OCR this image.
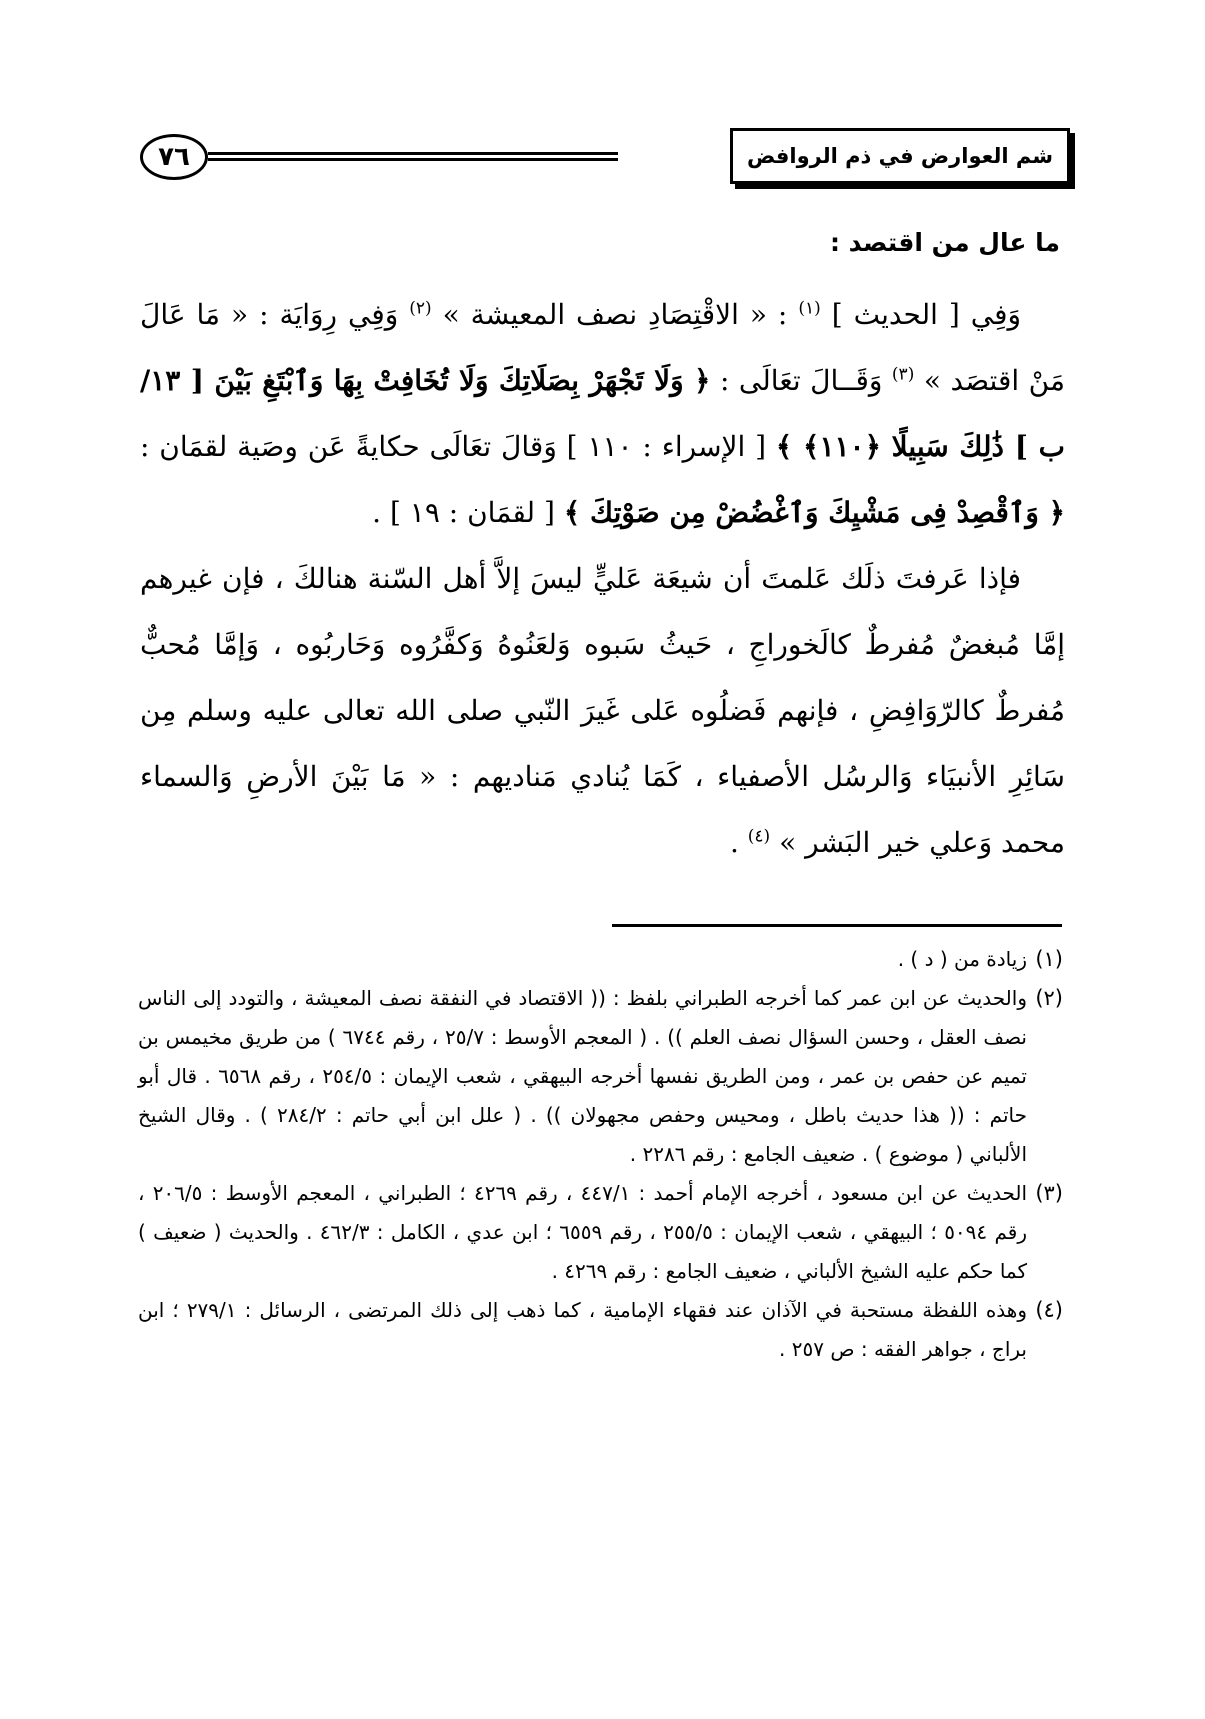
٧٦	شم العوارض في ذم الروافض
ما عال من اقتصد :

وَفِي [ الحديث ] $^{(١)}$ : « الاقْتِصَادِ نصف المعيشة » $^{(٢)}$ وَفِي رِوَايَة : « مَا عَالَ مَنْ اقتصَد » $^{(٣)}$ وَقَــالَ تعَالَى : ﴿ وَلَا تَجْهَرْ بِصَلَاتِكَ وَلَا تُخَافِتْ بِهَا وَٱبْتَغِ بَيْنَ [ ١٣/ب ] ذَٰلِكَ سَبِيلًا ﴿١١٠﴾ ﴾ [ الإسراء : ١١٠ ] وَقالَ تعَالَى حكايةً عَن وصَية لقمَان : ﴿ وَٱقْصِدْ فِى مَشْيِكَ وَٱغْضُضْ مِن صَوْتِكَ ﴾ [ لقمَان : ١٩ ] .

فإذا عَرفتَ ذلَك عَلمتَ أن شيعَة عَليٍّ ليسَ إلاَّ أهل السّنة هنالكَ ، فإن غيرهم إمَّا مُبغضٌ مُفرطٌ كالَخوراجِ ، حَيثُ سَبوه وَلعَنُوهُ وَكفَّرُوه وَحَاربُوه ، وَإمَّا مُحبٌّ مُفرطٌ كالرّوَافِضِ ، فإنهم فَضلُوه عَلى غَيرَ النّبي صلى الله تعالى عليه وسلم مِن سَائِرِ الأنبيَاء وَالرسُل الأصفياء ، كَمَا يُنادي مَناديهم : « مَا بَيْنَ الأرضِ وَالسماء محمد وَعلي خير البَشر » $^{(٤)}$ .

(١)زيادة من ( د ) .

(٢)والحديث عن ابن عمر كما أخرجه الطبراني بلفظ : (( الاقتصاد في النفقة نصف المعيشة ، والتودد إلى الناس نصف العقل ، وحسن السؤال نصف العلم )) . ( المعجم الأوسط : ٢٥/٧ ، رقم ٦٧٤٤ ) من طريق مخيمس بن تميم عن حفص بن عمر ، ومن الطريق نفسها أخرجه البيهقي ، شعب الإيمان : ٢٥٤/٥ ، رقم ٦٥٦٨ . قال أبو حاتم : (( هذا حديث باطل ، ومحيس وحفص مجهولان )) . ( علل ابن أبي حاتم : ٢٨٤/٢ ) . وقال الشيخ الألباني ( موضوع ) . ضعيف الجامع : رقم ٢٢٨٦ .

(٣)الحديث عن ابن مسعود ، أخرجه الإمام أحمد : ٤٤٧/١ ، رقم ٤٢٦٩ ؛ الطبراني ، المعجم الأوسط : ٢٠٦/٥ ، رقم ٥٠٩٤ ؛ البيهقي ، شعب الإيمان : ٢٥٥/٥ ، رقم ٦٥٥٩ ؛ ابن عدي ، الكامل : ٤٦٢/٣ . والحديث ( ضعيف ) كما حكم عليه الشيخ الألباني ، ضعيف الجامع : رقم ٤٢٦٩ .

(٤)وهذه اللفظة مستحبة في الآذان عند فقهاء الإمامية ، كما ذهب إلى ذلك المرتضى ، الرسائل : ٢٧٩/١ ؛ ابن براج ، جواهر الفقه : ص ٢٥٧ .
